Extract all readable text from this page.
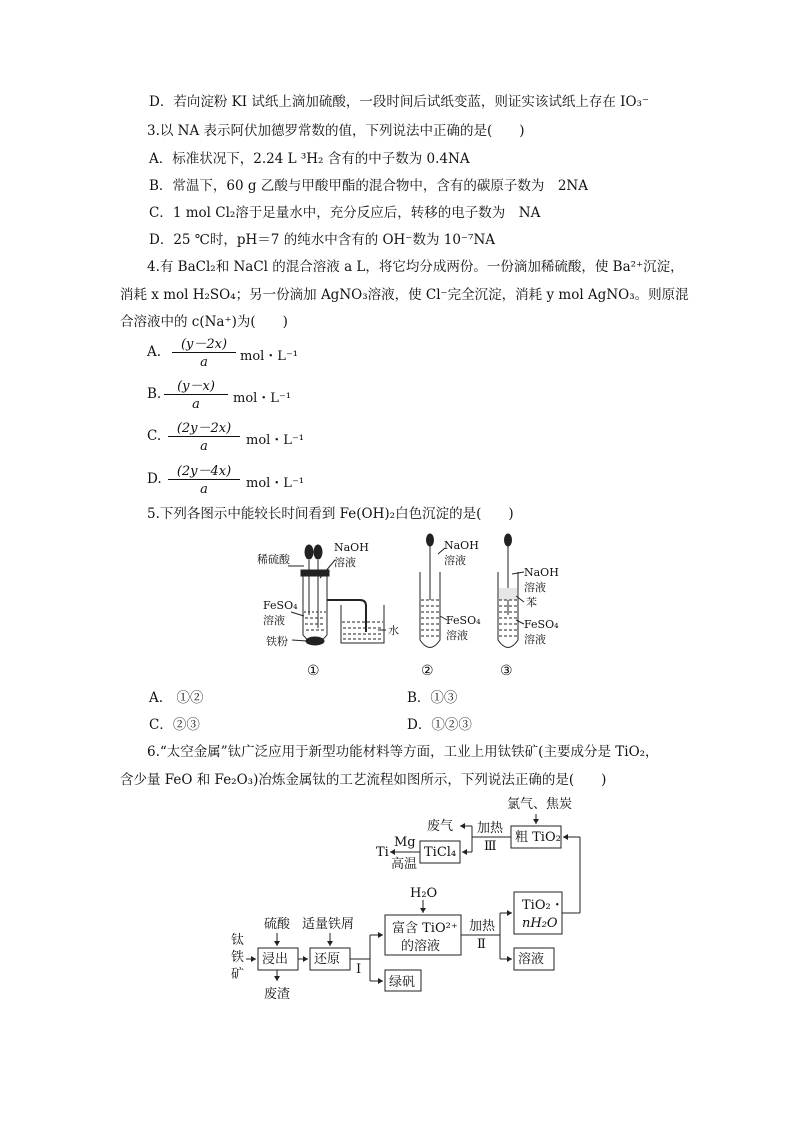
D．若向淀粉 KI 试纸上滴加硫酸，一段时间后试纸变蓝，则证实该试纸上存在 IO₃⁻
3.以 NA 表示阿伏加德罗常数的值，下列说法中正确的是(　　)
A．标准状况下，2.24 L ³H₂ 含有的中子数为 0.4NA
B．常温下，60 g 乙酸与甲酸甲酯的混合物中，含有的碳原子数为　2NA
C．1 mol Cl₂溶于足量水中，充分反应后，转移的电子数为　NA
D．25 ℃时，pH＝7 的纯水中含有的 OH⁻数为 10⁻⁷NA
4.有 BaCl₂和 NaCl 的混合溶液 a L，将它均分成两份。一份滴加稀硫酸，使 Ba²⁺沉淀，
消耗 x mol H₂SO₄；另一份滴加 AgNO₃溶液，使 Cl⁻完全沉淀，消耗 y mol AgNO₃。则原混
合溶液中的 c(Na⁺)为(　　)
A.	(y－2x)
a	mol・L⁻¹
B.	(y－x)
a	mol・L⁻¹
C.	(2y－2x)
a	mol・L⁻¹
D.	(2y－4x)
a	mol・L⁻¹
5.下列各图示中能较长时间看到 Fe(OH)₂白色沉淀的是(　　)
稀硫酸
NaOH
溶液
FeSO₄
溶液
铁粉
水
NaOH
溶液
FeSO₄
溶液
NaOH
溶液
苯
FeSO₄
溶液
①	②	③
A.　①②	B．①③
C．②③	D．①②③
6.“太空金属”钛广泛应用于新型功能材料等方面，工业上用钛铁矿(主要成分是 TiO₂，
含少量 FeO 和 Fe₂O₃)冶炼金属钛的工艺流程如图所示，下列说法正确的是(　　)
钛
铁
矿
硫酸
浸出
废渣
适量铁屑
还原
Ⅰ
H₂O
富含 TiO²⁺
的溶液
绿矾
加热
Ⅱ
TiO₂・
nH₂O
溶液
氯气、焦炭
粗 TiO₂
加热
Ⅲ
废气
TiCl₄
Mg
Ti
高温
